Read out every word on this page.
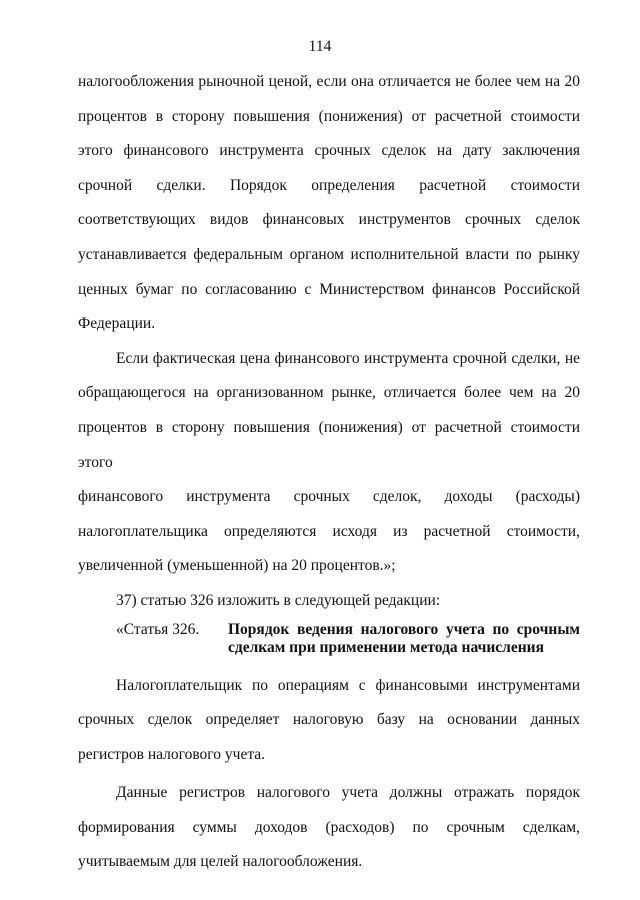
114

налогообложения рыночной ценой, если она отличается не более чем на 20 процентов в сторону повышения (понижения) от расчетной стоимости этого финансового инструмента срочных сделок на дату заключения срочной сделки. Порядок определения расчетной стоимости соответствующих видов финансовых инструментов срочных сделок устанавливается федеральным органом исполнительной власти по рынку ценных бумаг по согласованию с Министерством финансов Российской Федерации.

Если фактическая цена финансового инструмента срочной сделки, не обращающегося на организованном рынке, отличается более чем на 20 процентов в сторону повышения (понижения) от расчетной стоимости этого

финансового инструмента срочных сделок, доходы (расходы)
налогоплательщика определяются исходя из расчетной стоимости,

увеличенной (уменьшенной) на 20 процентов.»;

37) статью 326 изложить в следующей редакции:
«Статья 326.	Порядок ведения налогового учета по срочным сделкам при применении метода начисления

Налогоплательщик по операциям с финансовыми инструментами срочных сделок определяет налоговую базу на основании данных регистров налогового учета.

Данные регистров налогового учета должны отражать порядок формирования суммы доходов (расходов) по срочным сделкам, учитываемым для целей налогообложения.
